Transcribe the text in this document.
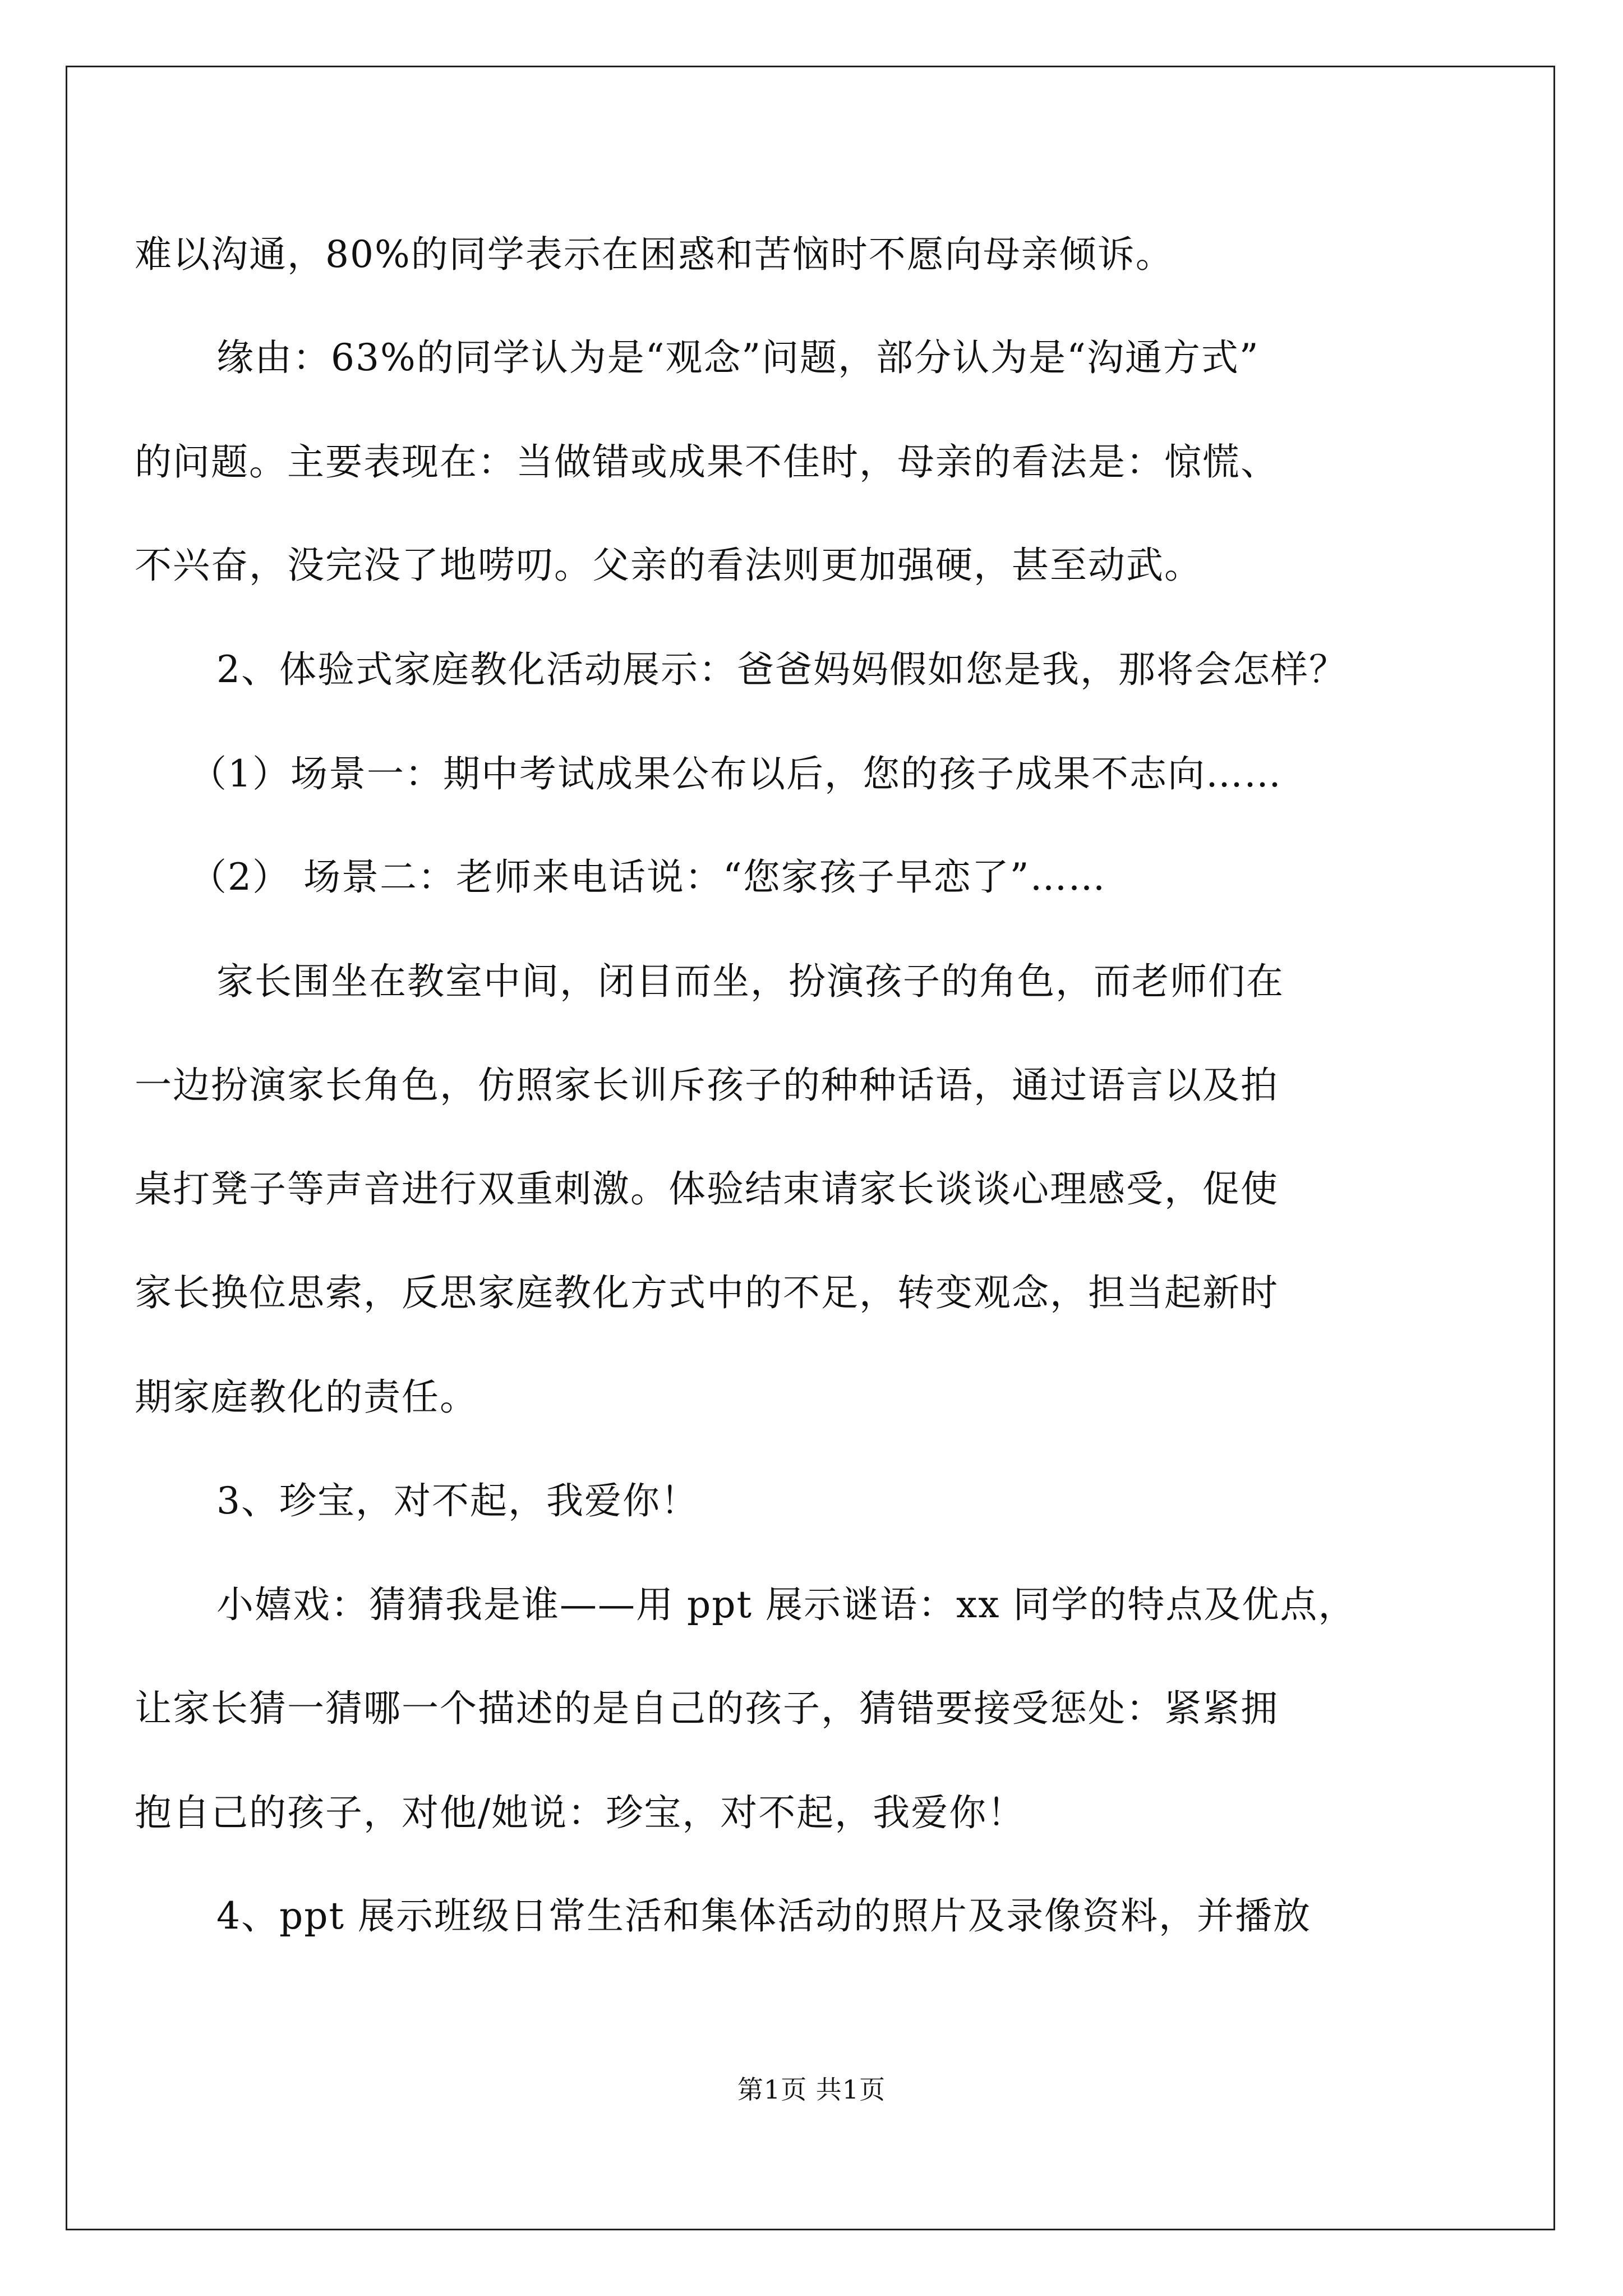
难以沟通，80%的同学表示在困惑和苦恼时不愿向母亲倾诉。
缘由：63%的同学认为是“观念”问题，部分认为是“沟通方式”
的问题。主要表现在：当做错或成果不佳时，母亲的看法是：惊慌、
不兴奋，没完没了地唠叨。父亲的看法则更加强硬，甚至动武。
2、体验式家庭教化活动展示：爸爸妈妈假如您是我，那将会怎样？
（1）场景一：期中考试成果公布以后，您的孩子成果不志向……
（2） 场景二：老师来电话说：“您家孩子早恋了”……
家长围坐在教室中间，闭目而坐，扮演孩子的角色，而老师们在
一边扮演家长角色，仿照家长训斥孩子的种种话语，通过语言以及拍
桌打凳子等声音进行双重刺激。体验结束请家长谈谈心理感受，促使
家长换位思索，反思家庭教化方式中的不足，转变观念，担当起新时
期家庭教化的责任。
3、珍宝，对不起，我爱你！
小嬉戏：猜猜我是谁——用 ppt 展示谜语：xx 同学的特点及优点，
让家长猜一猜哪一个描述的是自己的孩子，猜错要接受惩处：紧紧拥
抱自己的孩子，对他/她说：珍宝，对不起，我爱你！
4、ppt 展示班级日常生活和集体活动的照片及录像资料，并播放
第1页 共1页
